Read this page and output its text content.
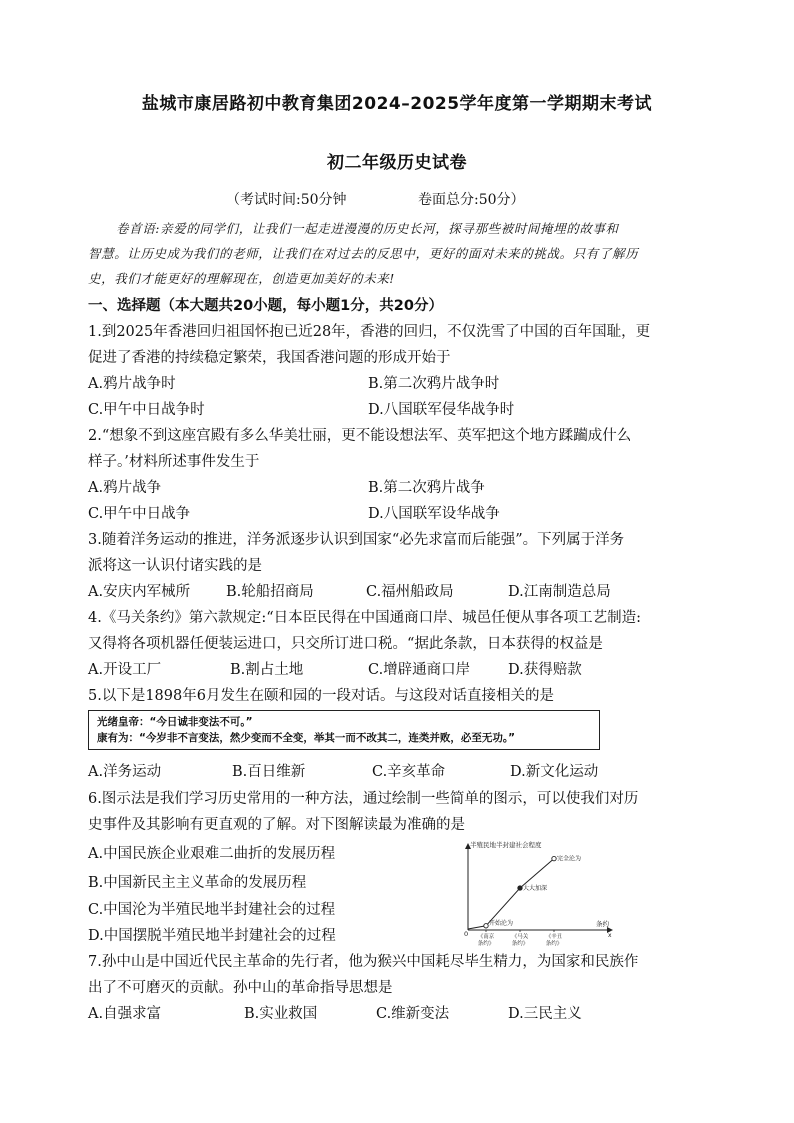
盐城市康居路初中教育集团2024–2025学年度第一学期期末考试
初二年级历史试卷
（考试时间:50分钟	卷面总分:50分）
卷首语:亲爱的同学们，让我们一起走进漫漫的历史长河，探寻那些被时间掩埋的故事和
智慧。让历史成为我们的老师，让我们在对过去的反思中，更好的面对未来的挑战。只有了解历
史，我们才能更好的理解现在，创造更加美好的未来!
一、选择题（本大题共20小题，每小题1分，共20分）
1.到2025年香港回归祖国怀抱已近28年，香港的回归，不仅洗雪了中国的百年国耻，更
促进了香港的持续稳定繁荣，我国香港问题的形成开始于
A.鸦片战争时	B.第二次鸦片战争时
C.甲午中日战争时	D.八国联军侵华战争时
2.“想象不到这座宫殿有多么华美壮丽，更不能设想法军、英军把这个地方蹂躏成什么
样子。’材料所述事件发生于
A.鸦片战争	B.第二次鸦片战争
C.甲午中日战争	D.八国联军设华战争
3.随着洋务运动的推进，洋务派逐步认识到国家“必先求富而后能强”。下列属于洋务
派将这一认识付诸实践的是
A.安庆内军械所 B.轮船招商局	C.福州船政局	D.江南制造总局
4.《马关条约》第六款规定:“日本臣民得在中国通商口岸、城邑任便从事各项工艺制造:
又得将各项机器任便装运进口，只交所订进口税。“据此条款，日本获得的权益是
A.开设工厂	B.割占土地	C.增辟通商口岸	D.获得赔款
5.以下是1898年6月发生在颐和园的一段对话。与这段对话直接相关的是
光绪皇帝：“今日诚非变法不可。”
康有为：“今岁非不言变法，然少变而不全变，举其一而不改其二，连类并败，必至无功。”
A.洋务运动	B.百日维新	C.辛亥革命	D.新文化运动
6.图示法是我们学习历史常用的一种方法，通过绘制一些简单的图示，可以使我们对历
史事件及其影响有更直观的了解。对下图解读最为准确的是
A.中国民族企业艰难二曲折的发展历程
B.中国新民主主义革命的发展历程
C.中国沦为半殖民地半封建社会的过程
D.中国摆脱半殖民地半封建社会的过程
半殖民地半封建社会程度
条约
x
0 《南京
条约》
《马关
条约》
《辛丑
条约》
开始沦为
大大加深
完全沦为
7.孙中山是中国近代民主革命的先行者，他为猴兴中国耗尽毕生精力，为国家和民族作
出了不可磨灭的贡献。孙中山的革命指导思想是
A.自强求富	B.实业救国	C.维新变法	D.三民主义
